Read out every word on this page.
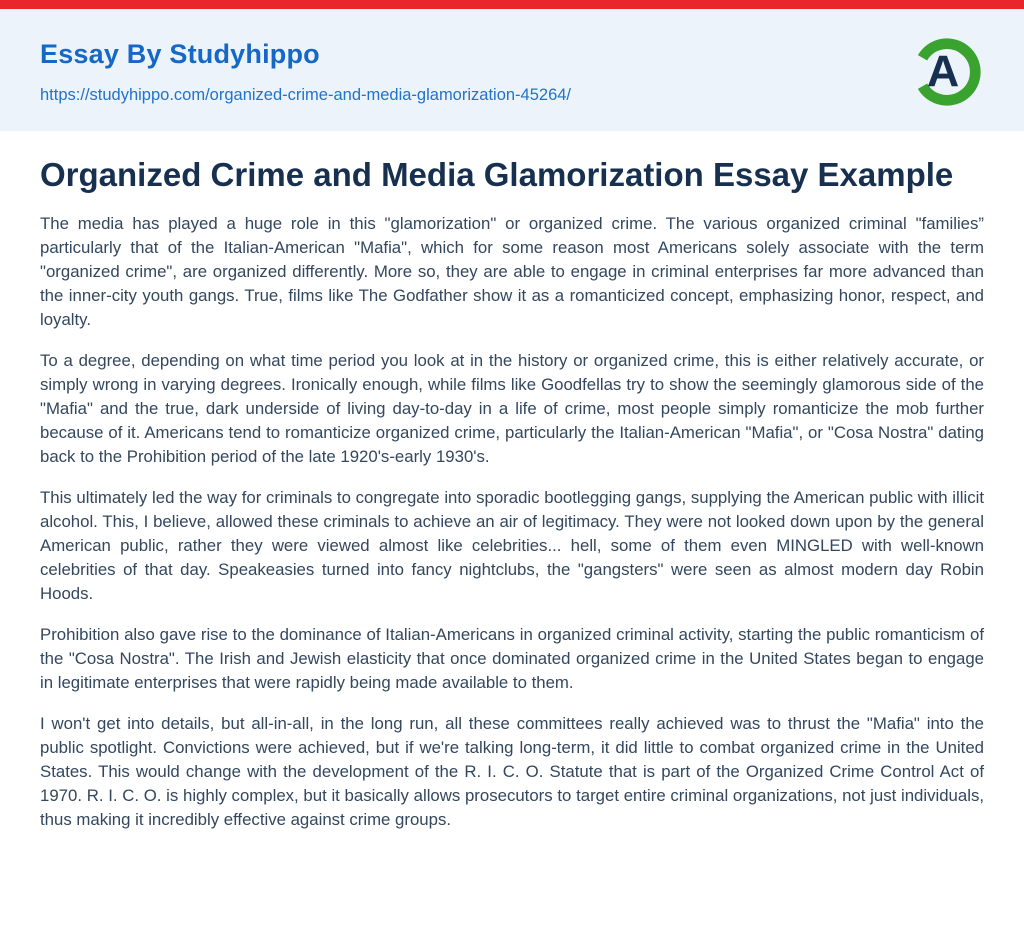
Essay By Studyhippo
https://studyhippo.com/organized-crime-and-media-glamorization-45264/	A
Organized Crime and Media Glamorization Essay Example

The media has played a huge role in this "glamorization" or organized crime. The various organized criminal "families” particularly that of the Italian-American "Mafia", which for some reason most Americans solely associate with the term "organized crime", are organized differently. More so, they are able to engage in criminal enterprises far more advanced than the inner-city youth gangs. True, films like The Godfather show it as a romanticized concept, emphasizing honor, respect, and loyalty.

To a degree, depending on what time period you look at in the history or organized crime, this is either relatively accurate, or simply wrong in varying degrees. Ironically enough, while films like Goodfellas try to show the seemingly glamorous side of the "Mafia" and the true, dark underside of living day-to-day in a life of crime, most people simply romanticize the mob further because of it. Americans tend to romanticize organized crime, particularly the Italian-American "Mafia", or "Cosa Nostra" dating back to the Prohibition period of the late 1920's-early 1930's.

This ultimately led the way for criminals to congregate into sporadic bootlegging gangs, supplying the American public with illicit alcohol. This, I believe, allowed these criminals to achieve an air of legitimacy. They were not looked down upon by the general American public, rather they were viewed almost like celebrities... hell, some of them even MINGLED with well-known celebrities of that day. Speakeasies turned into fancy nightclubs, the "gangsters" were seen as almost modern day Robin Hoods.

Prohibition also gave rise to the dominance of Italian-Americans in organized criminal activity, starting the public romanticism of the "Cosa Nostra". The Irish and Jewish elasticity that once dominated organized crime in the United States began to engage in legitimate enterprises that were rapidly being made available to them.

I won't get into details, but all-in-all, in the long run, all these committees really achieved was to thrust the "Mafia" into the public spotlight. Convictions were achieved, but if we're talking long-term, it did little to combat organized crime in the United States. This would change with the development of the R. I. C. O. Statute that is part of the Organized Crime Control Act of 1970. R. I. C. O. is highly complex, but it basically allows prosecutors to target entire criminal organizations, not just individuals, thus making it incredibly effective against crime groups.
